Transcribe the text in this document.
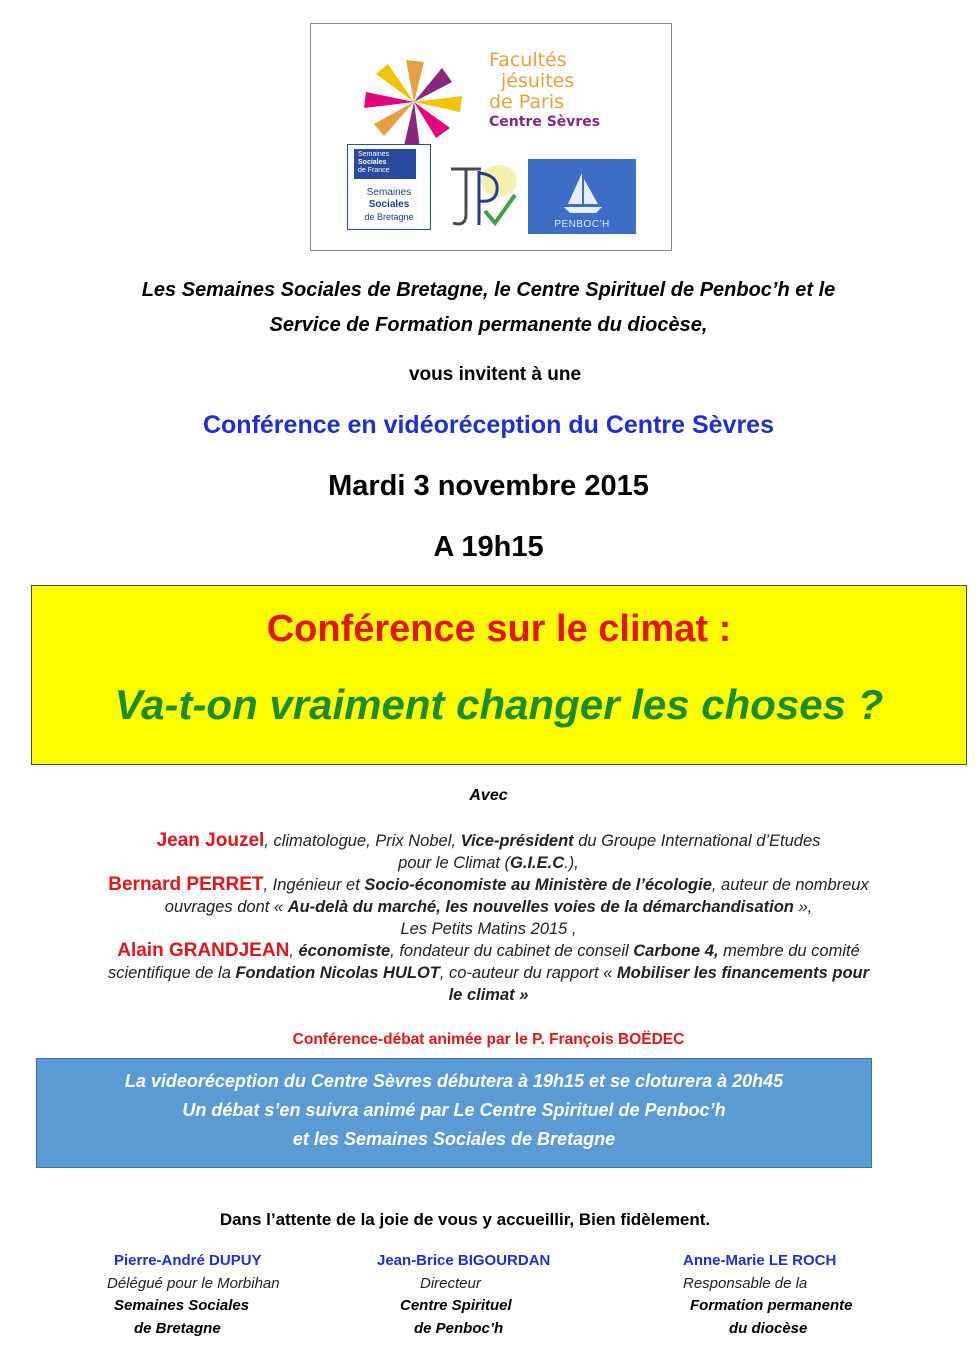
Facultés
jésuites
de Paris
Centre Sèvres
Semaines
Sociales
de France
Semaines
Sociales
de Bretagne
PENBOC'H
Les Semaines Sociales de Bretagne, le Centre Spirituel de Penboc’h et le
Service de Formation permanente du diocèse,
vous invitent à une
Conférence en vidéoréception du Centre Sèvres
Mardi 3 novembre 2015
A 19h15
Conférence sur le climat :
Va-t-on vraiment changer les choses ?
Avec
Jean Jouzel, climatologue, Prix Nobel, Vice-président du Groupe International d’Etudes
pour le Climat (G.I.E.C.),
Bernard PERRET, Ingénieur et Socio-économiste au Ministère de l’écologie, auteur de nombreux
ouvrages dont « Au-delà du marché, les nouvelles voies de la démarchandisation »,
Les Petits Matins 2015 ,
Alain GRANDJEAN, économiste, fondateur du cabinet de conseil Carbone 4, membre du comité
scientifique de la Fondation Nicolas HULOT, co-auteur du rapport « Mobiliser les financements pour
le climat »
Conférence-débat animée par le P. François BOËDEC
La videoréception du Centre Sèvres débutera à 19h15 et se cloturera à 20h45
Un débat s’en suivra animé par Le Centre Spirituel de Penboc’h
et les Semaines Sociales de Bretagne
Dans l’attente de la joie de vous y accueillir, Bien fidèlement.
Pierre-André DUPUY
Délégué pour le Morbihan
Semaines Sociales
de Bretagne
Jean-Brice BIGOURDAN
Directeur
Centre Spirituel
de Penboc’h
Anne-Marie LE ROCH
Responsable de la
Formation permanente
du diocèse
